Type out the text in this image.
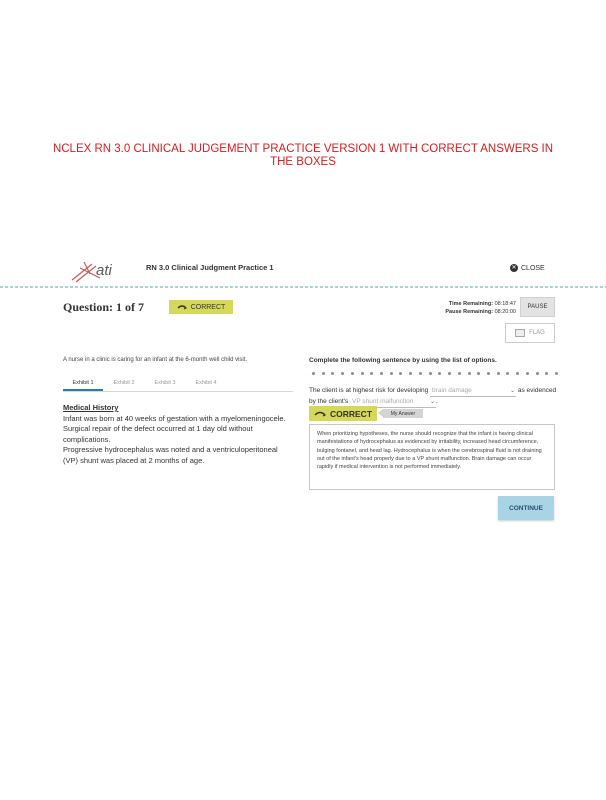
NCLEX RN 3.0 CLINICAL JUDGEMENT PRACTICE VERSION 1 WITH CORRECT ANSWERS IN THE BOXES
ati	RN 3.0 Clinical Judgment Practice 1	✕ CLOSE
Question: 1 of 7	CORRECT	Time Remaining: 08:18:47
Pause Remaining: 08:20:00
PAUSE
FLAG
A nurse in a clinic is caring for an infant at the 6-month well child visit.
Exhibit 1	Exhibit 2	Exhibit 3	Exhibit 4
Medical History
Infant was born at 40 weeks of gestation with a myelomeningocele.
Surgical repair of the defect occurred at 1 day old without complications.
Progressive hydrocephalus was noted and a ventriculoperitoneal (VP) shunt was placed at 2 months of age.
Complete the following sentence by using the list of options.
The client is at highest risk for developing brain damage	⌄ as evidenced by the client's VP shunt malfunction	⌄ .
CORRECT	My Answer
When prioritizing hypotheses, the nurse should recognize that the infant is having clinical manifestations of hydrocephalus as evidenced by irritability, increased head circumference, bulging fontanel, and head lag. Hydrocephalus is when the cerebrospinal fluid is not draining out of the infant's head properly due to a VP shunt malfunction. Brain damage can occur rapidly if medical intervention is not performed immediately.
CONTINUE
